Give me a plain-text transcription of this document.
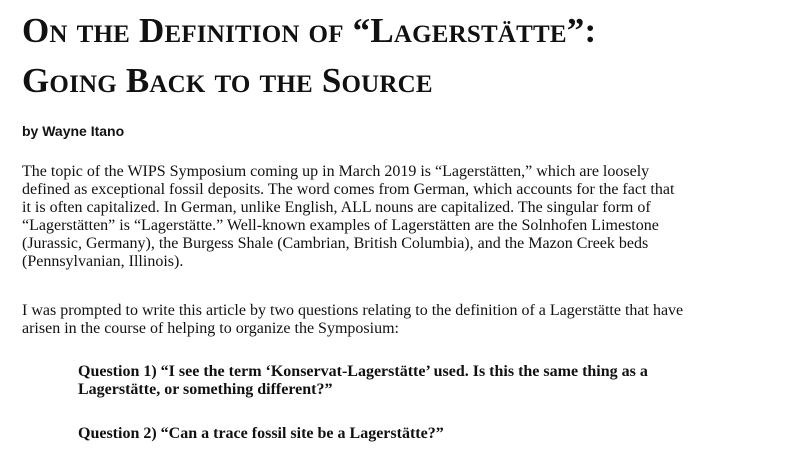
On the Definition of “Lagerstätte”:
Going Back to the Source

by Wayne Itano

The topic of the WIPS Symposium coming up in March 2019 is “Lagerstätten,” which are loosely
defined as exceptional fossil deposits. The word comes from German, which accounts for the fact that
it is often capitalized. In German, unlike English, ALL nouns are capitalized. The singular form of
“Lagerstätten” is “Lagerstätte.” Well-known examples of Lagerstätten are the Solnhofen Limestone
(Jurassic, Germany), the Burgess Shale (Cambrian, British Columbia), and the Mazon Creek beds
(Pennsylvanian, Illinois).

I was prompted to write this article by two questions relating to the definition of a Lagerstätte that have
arisen in the course of helping to organize the Symposium:

Question 1) “I see the term ‘Konservat-Lagerstätte’ used. Is this the same thing as a
Lagerstätte, or something different?”

Question 2) “Can a trace fossil site be a Lagerstätte?”
